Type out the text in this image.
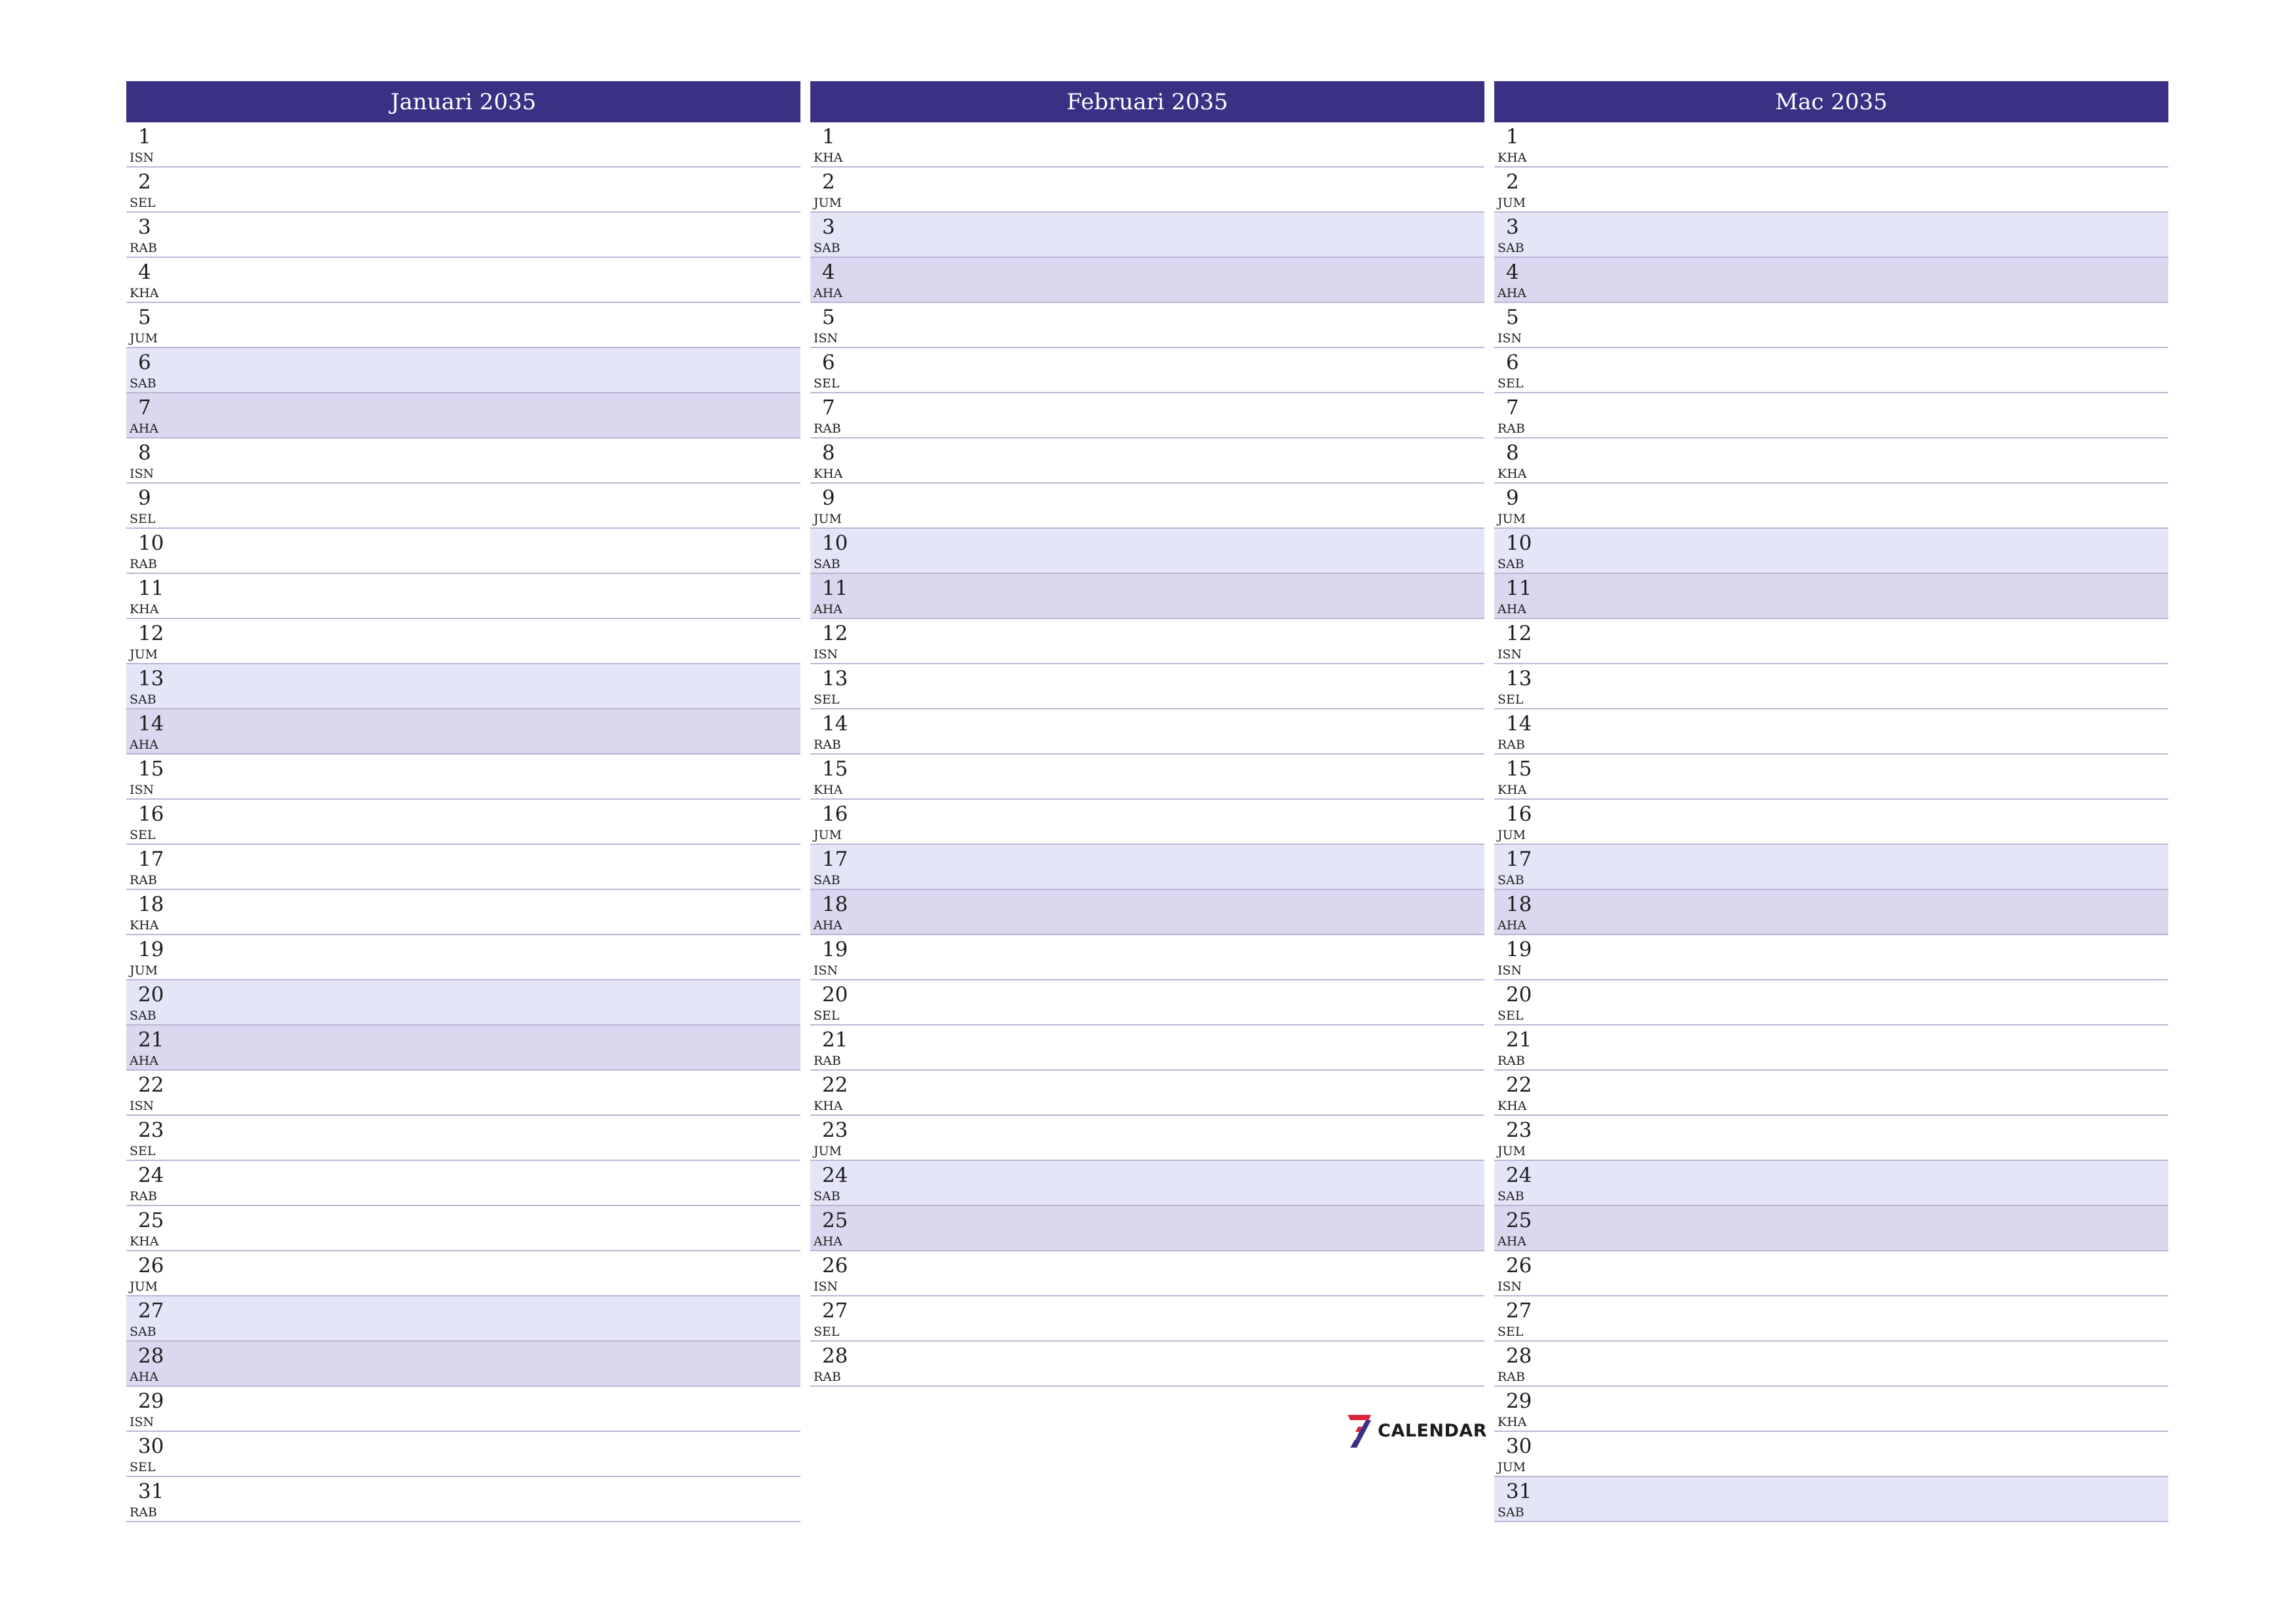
Januari 2035
1
ISN
2
SEL
3
RAB
4
KHA
5
JUM
6
SAB
7
AHA
8
ISN
9
SEL
10
RAB
11
KHA
12
JUM
13
SAB
14
AHA
15
ISN
16
SEL
17
RAB
18
KHA
19
JUM
20
SAB
21
AHA
22
ISN
23
SEL
24
RAB
25
KHA
26
JUM
27
SAB
28
AHA
29
ISN
30
SEL
31
RAB
Februari 2035
1
KHA
2
JUM
3
SAB
4
AHA
5
ISN
6
SEL
7
RAB
8
KHA
9
JUM
10
SAB
11
AHA
12
ISN
13
SEL
14
RAB
15
KHA
16
JUM
17
SAB
18
AHA
19
ISN
20
SEL
21
RAB
22
KHA
23
JUM
24
SAB
25
AHA
26
ISN
27
SEL
28
RAB
Mac 2035
1
KHA
2
JUM
3
SAB
4
AHA
5
ISN
6
SEL
7
RAB
8
KHA
9
JUM
10
SAB
11
AHA
12
ISN
13
SEL
14
RAB
15
KHA
16
JUM
17
SAB
18
AHA
19
ISN
20
SEL
21
RAB
22
KHA
23
JUM
24
SAB
25
AHA
26
ISN
27
SEL
28
RAB
29
KHA
30
JUM
31
SAB
CALENDAR
